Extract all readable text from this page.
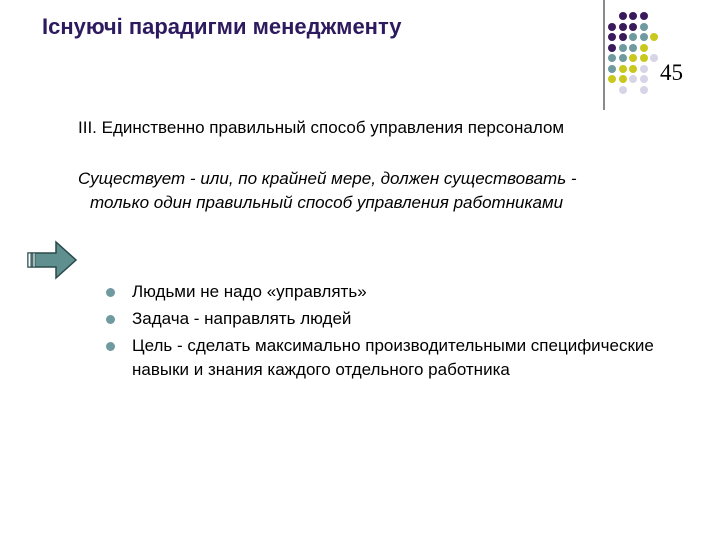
Існуючі парадигми менеджменту
45
III. Единственно правильный способ управления персоналом
Существует - или, по крайней мере, должен существовать -
только один правильный способ управления работниками
Людьми не надо «управлять»
Задача - направлять людей
Цель - сделать максимально производительными специфические навыки и знания каждого отдельного работника
